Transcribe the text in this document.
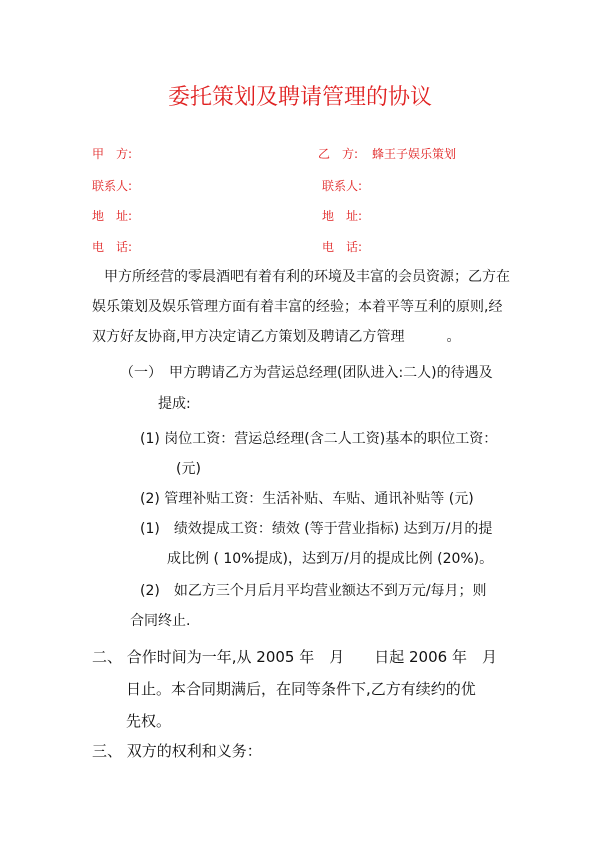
委托策划及聘请管理的协议
甲　方:	乙　方: 蜂王子娱乐策划
联系人:	联系人:
地　址:	地　址:
电　话:	电　话:
甲方所经营的零晨酒吧有着有利的环境及丰富的会员资源；乙方在
娱乐策划及娱乐管理方面有着丰富的经验；本着平等互利的原则,经
双方好友协商,甲方决定请乙方策划及聘请乙方管理　　　。
（一）　甲方聘请乙方为营运总经理(团队进入:二人)的待遇及
提成:
(1) 岗位工资：营运总经理(含二人工资)基本的职位工资：
(元)
(2) 管理补贴工资：生活补贴、车贴、通讯补贴等 (元)
(1)　绩效提成工资：绩效 (等于营业指标) 达到万/月的提
成比例 ( 10%提成)，达到万/月的提成比例 (20%)。
(2)　如乙方三个月后月平均营业额达不到万元/每月；则
合同终止.
二、 合作时间为一年,从 2005 年　月　　日起 2006 年　月
日止。本合同期满后，在同等条件下,乙方有续约的优
先权。
三、 双方的权利和义务：
